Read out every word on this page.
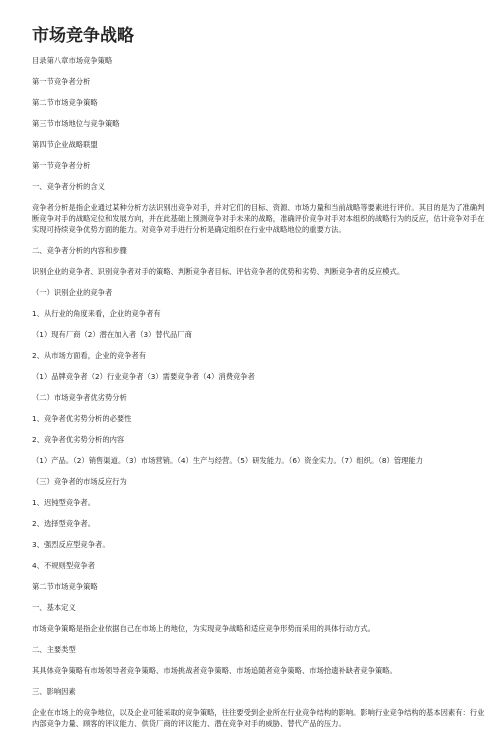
市场竞争战略

目录第八章市场竞争策略

第一节竞争者分析

第二节市场竞争策略

第三节市场地位与竞争策略

第四节企业战略联盟

第一节竞争者分析

一、竞争者分析的含义

竞争者分析是指企业通过某种分析方法识别出竞争对手，并对它们的目标、资源、市场力量和当前战略等要素进行评价。其目的是为了准确判断竞争对手的战略定位和发展方向，并在此基础上预测竞争对手未来的战略，准确评价竞争对手对本组织的战略行为的反应，估计竞争对手在实现可持续竞争优势方面的能力。对竞争对手进行分析是确定组织在行业中战略地位的重要方法。

二、竞争者分析的内容和步骤

识别企业的竞争者、识别竞争者对手的策略、判断竞争者目标、评估竞争者的优势和劣势、判断竞争者的反应模式。

（一）识别企业的竞争者

1、从行业的角度来看，企业的竞争者有

（1）现有厂商（2）潜在加入者（3）替代品厂商

2、从市场方面看，企业的竞争者有

（1）品牌竞争者（2）行业竞争者（3）需要竞争者（4）消费竞争者

（二）市场竞争者优劣势分析

1、竞争者优劣势分析的必要性

2、竞争者优劣势分析的内容

（1）产品。（2）销售渠道。（3）市场营销。（4）生产与经营。（5）研发能力。（6）资金实力。（7）组织。（8）管理能力

（三）竞争者的市场反应行为

1、迟钝型竞争者。

2、选择型竞争者。

3、强烈反应型竞争者。

4、不规则型竞争者

第二节市场竞争策略

一、基本定义

市场竞争策略是指企业依据自己在市场上的地位，为实现竞争战略和适应竞争形势而采用的具体行动方式。

二、主要类型

其具体竞争策略有市场领导者竞争策略、市场挑战者竞争策略、市场追随者竞争策略、市场拾遗补缺者竞争策略。

三、影响因素

企业在市场上的竞争地位，以及企业可能采取的竞争策略，往往要受到企业所在行业竞争结构的影响。影响行业竞争结构的基本因素有：行业内部竞争力量、顾客的评议能力、供货厂商的评议能力、潜在竞争对手的威胁、替代产品的压力。
